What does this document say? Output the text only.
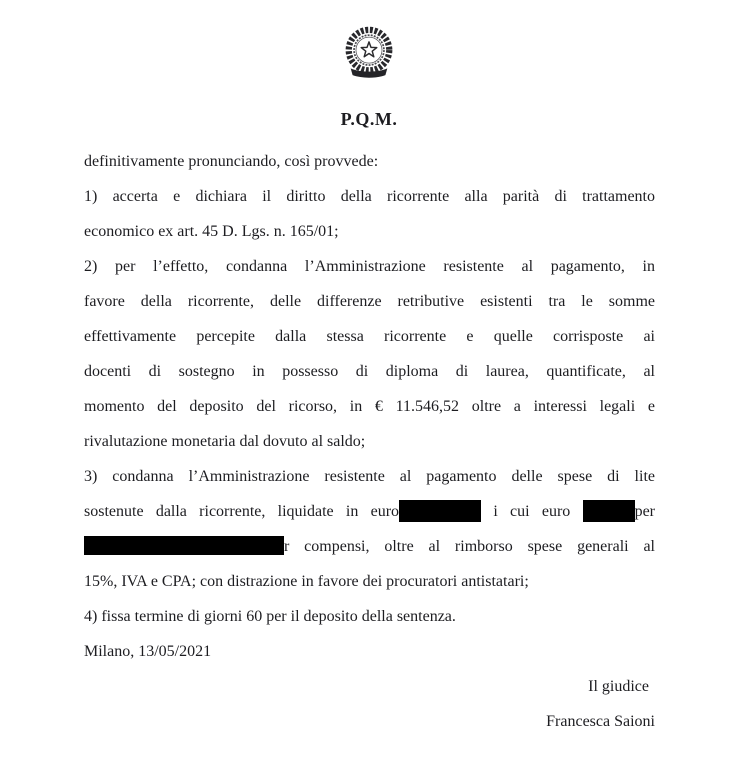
P.Q.M.
definitivamente pronunciando, così provvede:
1) accerta e dichiara il diritto della ricorrente alla parità di trattamento
economico ex art. 45 D. Lgs. n. 165/01;
2) per l’effetto, condanna l’Amministrazione resistente al pagamento, in
favore della ricorrente, delle differenze retributive esistenti tra le somme
effettivamente percepite dalla stessa ricorrente e quelle corrisposte ai
docenti di sostegno in possesso di diploma di laurea, quantificate, al
momento del deposito del ricorso, in € 11.546,52 oltre a interessi legali e
rivalutazione monetaria dal dovuto al saldo;
3) condanna l’Amministrazione resistente al pagamento delle spese di lite
sostenute dalla ricorrente, liquidate in euro	i cui euro	per
r compensi, oltre al rimborso spese generali al
15%, IVA e CPA; con distrazione in favore dei procuratori antistatari;
4) fissa termine di giorni 60 per il deposito della sentenza.
Milano, 13/05/2021
Il giudice
Francesca Saioni
